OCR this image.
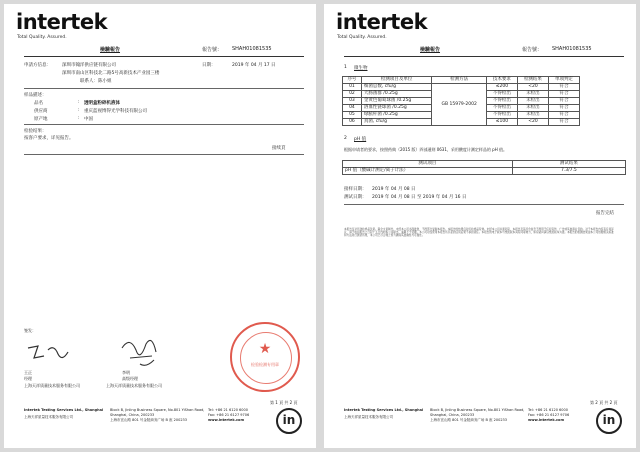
intertek
Total Quality. Assured.
檢驗報告	報告號： SHAH01081535
申請方信息： 深圳市翰洋供应链有限公司
深圳市南山区科技北二路5号高新技术产业园三楼
联系人： 陈小姐
日期：	2019 年 04 月 17 日
样品描述：
品名	: 透明盒粉碎机液体
供应商	: 重庆蓝视博得光学科技有限公司
原产地	: 中国
检验结果：
按客户要求，详见报告。
接续頁
签发：
王正
经理
上海天祥质量技术服务有限公司
李明
高级经理
上海天祥质量技术服务有限公司
★
检验检测专用章
第 1 頁 共 2 頁
Intertek Testing Services Ltd., Shanghai
上海天祥质量技术服务有限公司
Block B, Jinling Business Square, No.801 YiShan Road,
Shanghai, China, 200233
上海市宜山路 801 号金陵商务广场 B 座 200233
Tel: +86 21 6120 6000
Fax: +86 21 6127 9706
www.intertek.com	in
intertek
Total Quality. Assured.
檢驗報告	報告號： SHAH01081535
1 微生物
序号	检测项目及单位	检测方法	技术要求	检测结果	单项判定
01	细菌总数, cfu/g	GB 15979-2002	≤200	<20	符合
02	大肠菌群 /0.25g		不得检出	未检出	符合
03	金黄色葡萄球菌 /0.25g		不得检出	未检出	符合
04	溶血性链球菌 /0.25g		不得检出	未检出	符合
05	绿脓杆菌 /0.25g		不得检出	未检出	符合
06	真菌, cfu/g		≤100	<20	符合
2 pH 值
根据申请者的要求，按照药典（2015 版）四部通则 0631，采用酸度计测定样品的 pH 值。
测试项目	测试结果
pH 值（酸碱计测定/离子计法）	7.3/7.5
接样日期： 2019 年 04 月 08 日
测试日期： 2019 年 04 月 08 日 至 2019 年 04 月 16 日
报告完结
本报告仅对所送检样品负责。除全文复制外，未经本公司书面批准，不得部分复制本报告。本报告的结果仅对所检样品有效。未经本公司书面同意，本报告及其所含信息不得用于任何宣传、广告或其他商业目的。对于本报告内容有任何异议，请于收到报告之日起十五日内向本公司提出，逾期不予受理。本公司对因使用本报告所引起的任何后果不承担责任。本报告的电子版本与纸质版本具有同等效力，如有疑问请以纸质版本为准。本报告的检测结果由本公司依据相关标准和方法进行测试所得，本公司已尽合理之努力确保其准确性与可靠性。
第 2 頁 共 2 頁
Intertek Testing Services Ltd., Shanghai
上海天祥质量技术服务有限公司
Block B, Jinling Business Square, No.801 YiShan Road,
Shanghai, China, 200233
上海市宜山路 801 号金陵商务广场 B 座 200233
Tel: +86 21 6120 6000
Fax: +86 21 6127 9706
www.intertek.com	in
